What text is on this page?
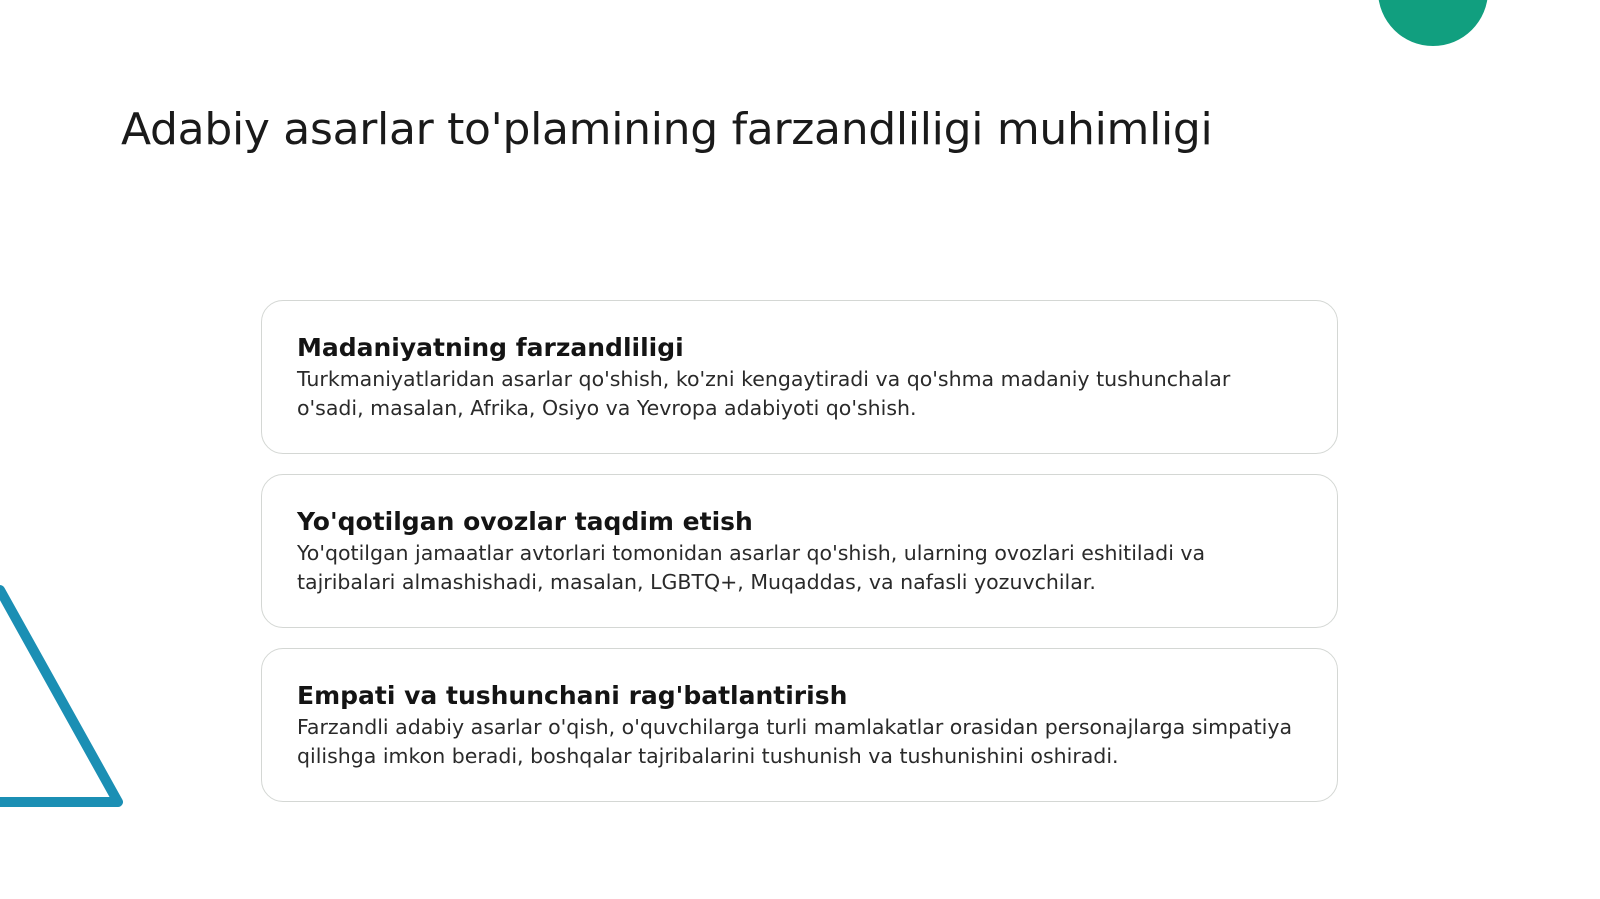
Adabiy asarlar to'plamining farzandliligi muhimligi
Madaniyatning farzandliligi

Turkmaniyatlaridan asarlar qo'shish, ko'zni kengaytiradi va qo'shma madaniy tushunchalar o'sadi, masalan, Afrika, Osiyo va Yevropa adabiyoti qo'shish.

Yo'qotilgan ovozlar taqdim etish

Yo'qotilgan jamaatlar avtorlari tomonidan asarlar qo'shish, ularning ovozlari eshitiladi va tajribalari almashishadi, masalan, LGBTQ+, Muqaddas, va nafasli yozuvchilar.

Empati va tushunchani rag'batlantirish

Farzandli adabiy asarlar o'qish, o'quvchilarga turli mamlakatlar orasidan personajlarga simpatiya qilishga imkon beradi, boshqalar tajribalarini tushunish va tushunishini oshiradi.
